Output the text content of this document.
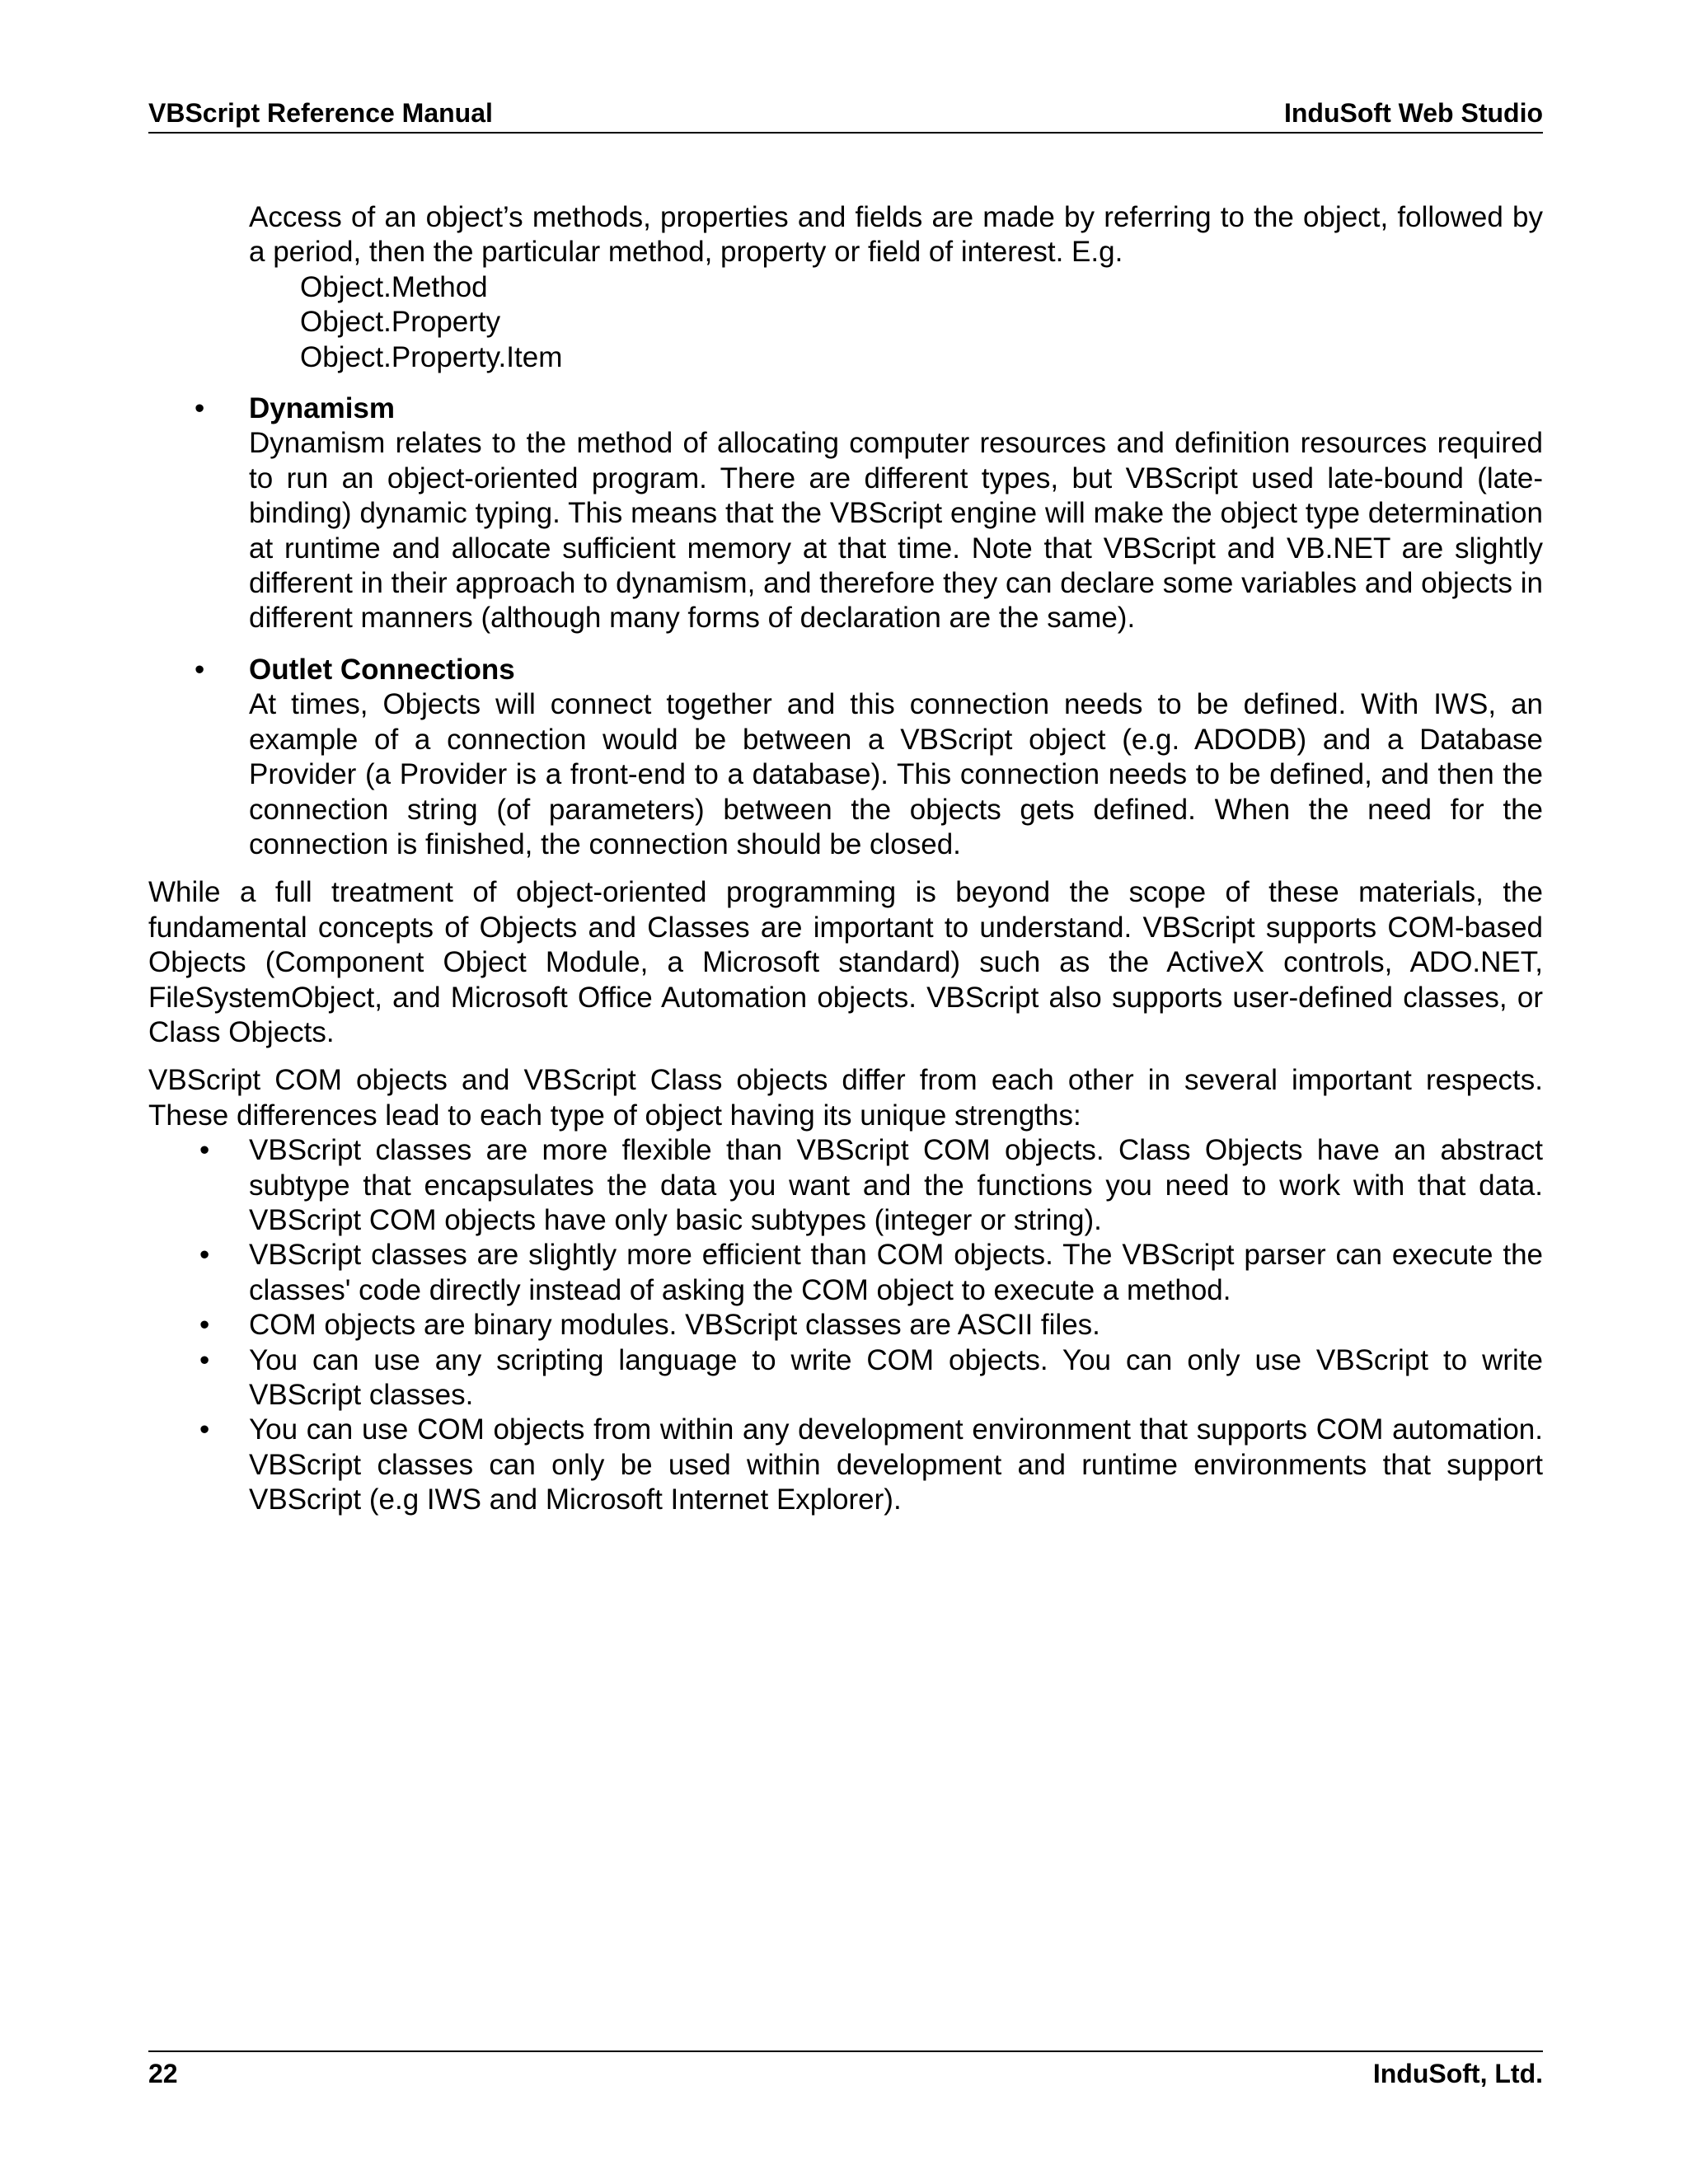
VBScript Reference Manual	InduSoft Web Studio

Access of an object’s methods, properties and fields are made by referring to the object, followed by a period, then the particular method, property or field of interest. E.g.

Object.Method
Object.Property
Object.Property.Item
• Dynamism

Dynamism relates to the method of allocating computer resources and definition resources required to run an object-oriented program. There are different types, but VBScript used late-bound (late-binding) dynamic typing. This means that the VBScript engine will make the object type determination at runtime and allocate sufficient memory at that time. Note that VBScript and VB.NET are slightly different in their approach to dynamism, and therefore they can declare some variables and objects in different manners (although many forms of declaration are the same).

• Outlet Connections

At times, Objects will connect together and this connection needs to be defined. With IWS, an example of a connection would be between a VBScript object (e.g. ADODB) and a Database Provider (a Provider is a front-end to a database). This connection needs to be defined, and then the connection string (of parameters) between the objects gets defined. When the need for the connection is finished, the connection should be closed.

While a full treatment of object-oriented programming is beyond the scope of these materials, the fundamental concepts of Objects and Classes are important to understand. VBScript supports COM-based Objects (Component Object Module, a Microsoft standard) such as the ActiveX controls, ADO.NET, FileSystemObject, and Microsoft Office Automation objects. VBScript also supports user-defined classes, or Class Objects.

VBScript COM objects and VBScript Class objects differ from each other in several important respects. These differences lead to each type of object having its unique strengths:

• VBScript classes are more flexible than VBScript COM objects. Class Objects have an abstract subtype that encapsulates the data you want and the functions you need to work with that data. VBScript COM objects have only basic subtypes (integer or string).
• VBScript classes are slightly more efficient than COM objects. The VBScript parser can execute the classes' code directly instead of asking the COM object to execute a method.
• COM objects are binary modules. VBScript classes are ASCII files.
• You can use any scripting language to write COM objects. You can only use VBScript to write VBScript classes.
• You can use COM objects from within any development environment that supports COM automation. VBScript classes can only be used within development and runtime environments that support VBScript (e.g IWS and Microsoft Internet Explorer).
22	InduSoft, Ltd.
